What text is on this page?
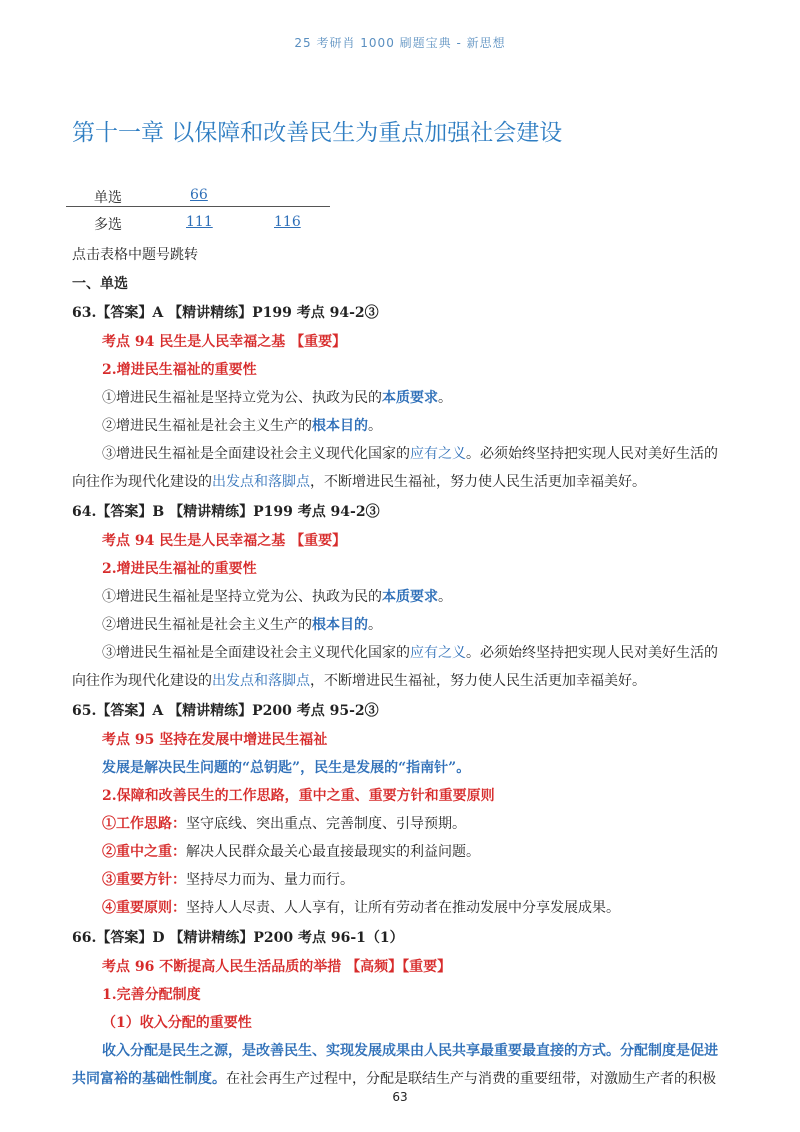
25 考研肖 1000 刷题宝典 - 新思想
第十一章 以保障和改善民生为重点加强社会建设
单选	66
多选	111	116
点击表格中题号跳转
一、单选
63.【答案】A 【精讲精练】P199 考点 94-2③
考点 94 民生是人民幸福之基 【重要】
2.增进民生福祉的重要性
①增进民生福祉是坚持立党为公、执政为民的本质要求。
②增进民生福祉是社会主义生产的根本目的。
③增进民生福祉是全面建设社会主义现代化国家的应有之义。必须始终坚持把实现人民对美好生活的
向往作为现代化建设的出发点和落脚点，不断增进民生福祉，努力使人民生活更加幸福美好。
64.【答案】B 【精讲精练】P199 考点 94-2③
考点 94 民生是人民幸福之基 【重要】
2.增进民生福祉的重要性
①增进民生福祉是坚持立党为公、执政为民的本质要求。
②增进民生福祉是社会主义生产的根本目的。
③增进民生福祉是全面建设社会主义现代化国家的应有之义。必须始终坚持把实现人民对美好生活的
向往作为现代化建设的出发点和落脚点，不断增进民生福祉，努力使人民生活更加幸福美好。
65.【答案】A 【精讲精练】P200 考点 95-2③
考点 95 坚持在发展中增进民生福祉
发展是解决民生问题的“总钥匙”，民生是发展的“指南针”。
2.保障和改善民生的工作思路，重中之重、重要方针和重要原则
①工作思路：坚守底线、突出重点、完善制度、引导预期。
②重中之重：解决人民群众最关心最直接最现实的利益问题。
③重要方针：坚持尽力而为、量力而行。
④重要原则：坚持人人尽责、人人享有，让所有劳动者在推动发展中分享发展成果。
66.【答案】D 【精讲精练】P200 考点 96-1（1）
考点 96 不断提高人民生活品质的举措 【高频】【重要】
1.完善分配制度
（1）收入分配的重要性
收入分配是民生之源，是改善民生、实现发展成果由人民共享最重要最直接的方式。分配制度是促进
共同富裕的基础性制度。在社会再生产过程中，分配是联结生产与消费的重要纽带，对激励生产者的积极
63
